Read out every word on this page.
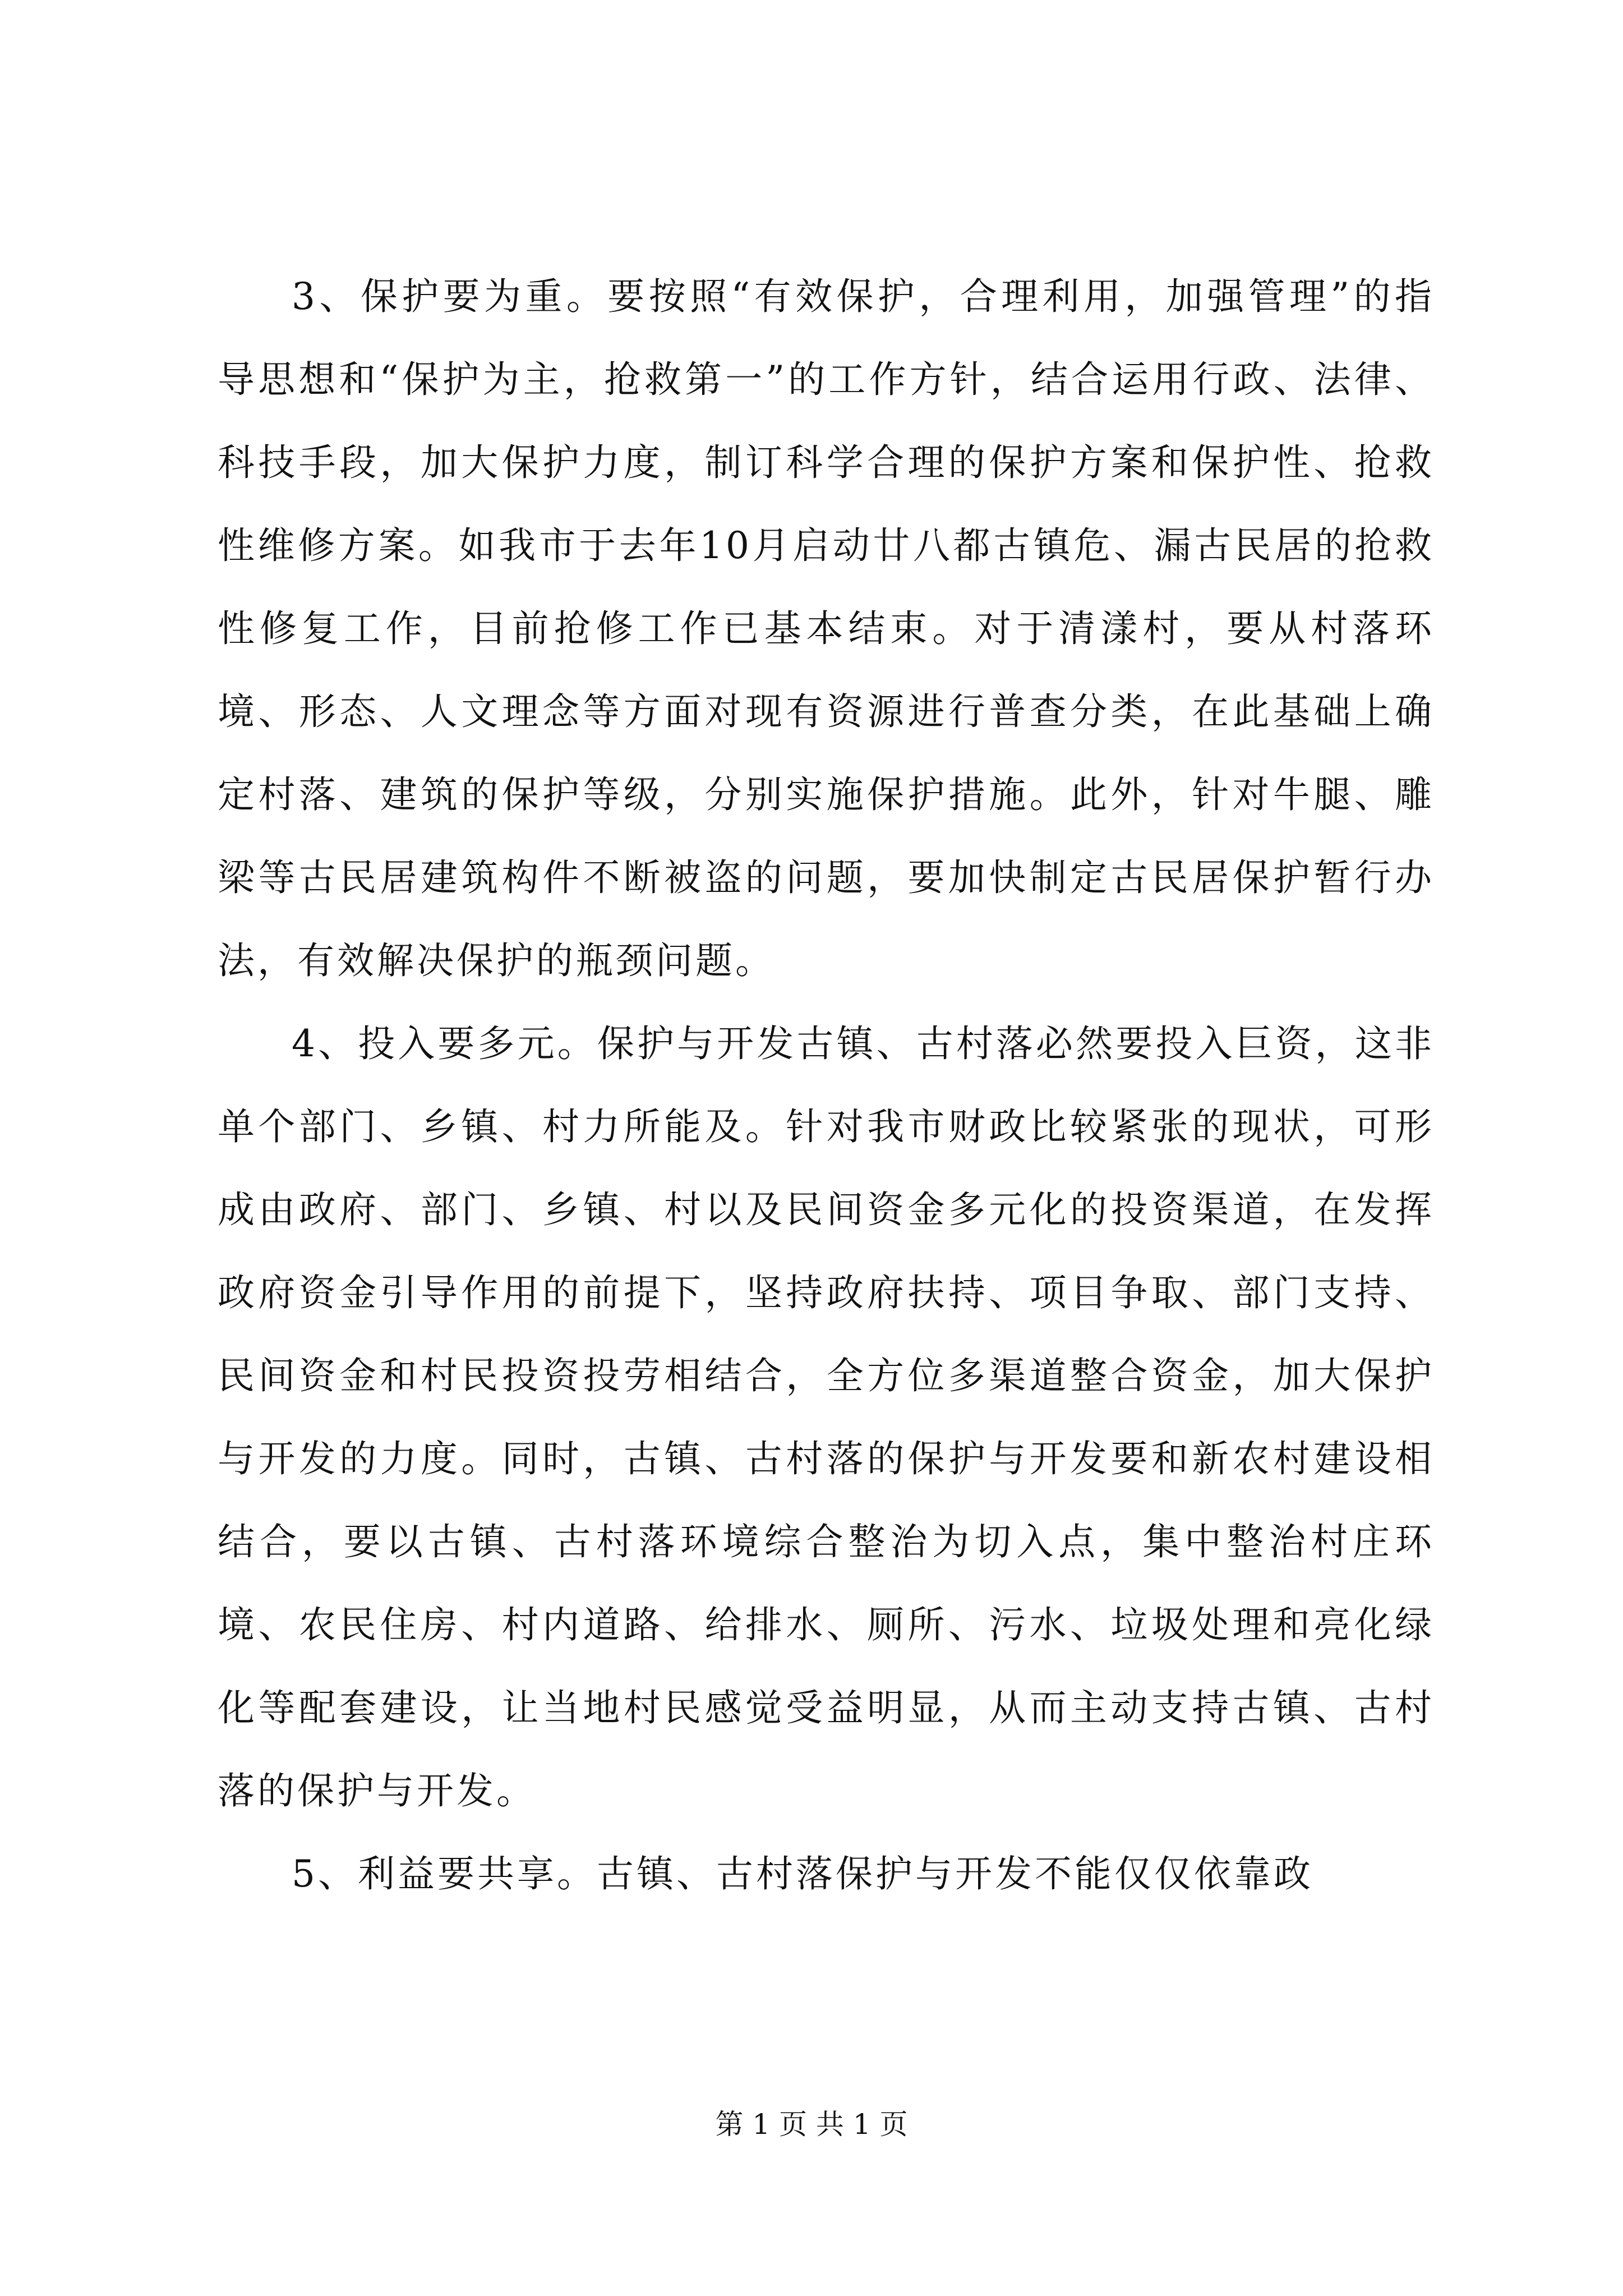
3、保护要为重。要按照“有效保护，合理利用，加强管理”的指导思想和“保护为主，抢救第一”的工作方针，结合运用行政、法律、科技手段，加大保护力度，制订科学合理的保护方案和保护性、抢救性维修方案。如我市于去年10月启动廿八都古镇危、漏古民居的抢救性修复工作，目前抢修工作已基本结束。对于清漾村，要从村落环境、形态、人文理念等方面对现有资源进行普查分类，在此基础上确定村落、建筑的保护等级，分别实施保护措施。此外，针对牛腿、雕梁等古民居建筑构件不断被盗的问题，要加快制定古民居保护暂行办法，有效解决保护的瓶颈问题。

4、投入要多元。保护与开发古镇、古村落必然要投入巨资，这非单个部门、乡镇、村力所能及。针对我市财政比较紧张的现状，可形成由政府、部门、乡镇、村以及民间资金多元化的投资渠道，在发挥政府资金引导作用的前提下，坚持政府扶持、项目争取、部门支持、民间资金和村民投资投劳相结合，全方位多渠道整合资金，加大保护与开发的力度。同时，古镇、古村落的保护与开发要和新农村建设相结合，要以古镇、古村落环境综合整治为切入点，集中整治村庄环境、农民住房、村内道路、给排水、厕所、污水、垃圾处理和亮化绿化等配套建设，让当地村民感觉受益明显，从而主动支持古镇、古村落的保护与开发。

5、利益要共享。古镇、古村落保护与开发不能仅仅依靠政

第 1 页 共 1 页
